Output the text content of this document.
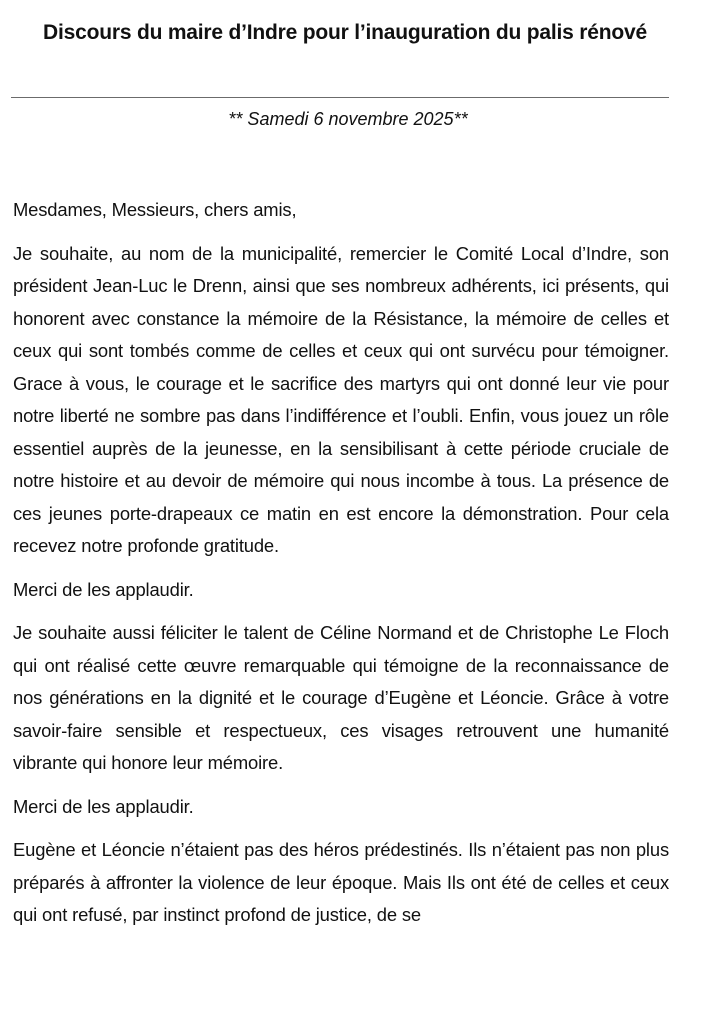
Discours du maire d’Indre pour l’inauguration du palis rénové
** Samedi 6 novembre 2025**

Mesdames, Messieurs, chers amis,

Je souhaite, au nom de la municipalité, remercier le Comité Local d’Indre, son président Jean-Luc le Drenn, ainsi que ses nombreux adhérents, ici présents, qui honorent avec constance la mémoire de la Résistance, la mémoire de celles et ceux qui sont tombés comme de celles et ceux qui ont survécu pour témoigner. Grace à vous, le courage et le sacrifice des martyrs qui ont donné leur vie pour notre liberté ne sombre pas dans l’indifférence et l’oubli. Enfin, vous jouez un rôle essentiel auprès de la jeunesse, en la sensibilisant à cette période cruciale de notre histoire et au devoir de mémoire qui nous incombe à tous. La présence de ces jeunes porte-drapeaux ce matin en est encore la démonstration. Pour cela recevez notre profonde gratitude.

Merci de les applaudir.

Je souhaite aussi féliciter le talent de Céline Normand et de Christophe Le Floch qui ont réalisé cette œuvre remarquable qui témoigne de la reconnaissance de nos générations en la dignité et le courage d’Eugène et Léoncie. Grâce à votre savoir-faire sensible et respectueux, ces visages retrouvent une humanité vibrante qui honore leur mémoire.

Merci de les applaudir.

Eugène et Léoncie n’étaient pas des héros prédestinés. Ils n’étaient pas non plus préparés à affronter la violence de leur époque. Mais Ils ont été de celles et ceux qui ont refusé, par instinct profond de justice, de se
